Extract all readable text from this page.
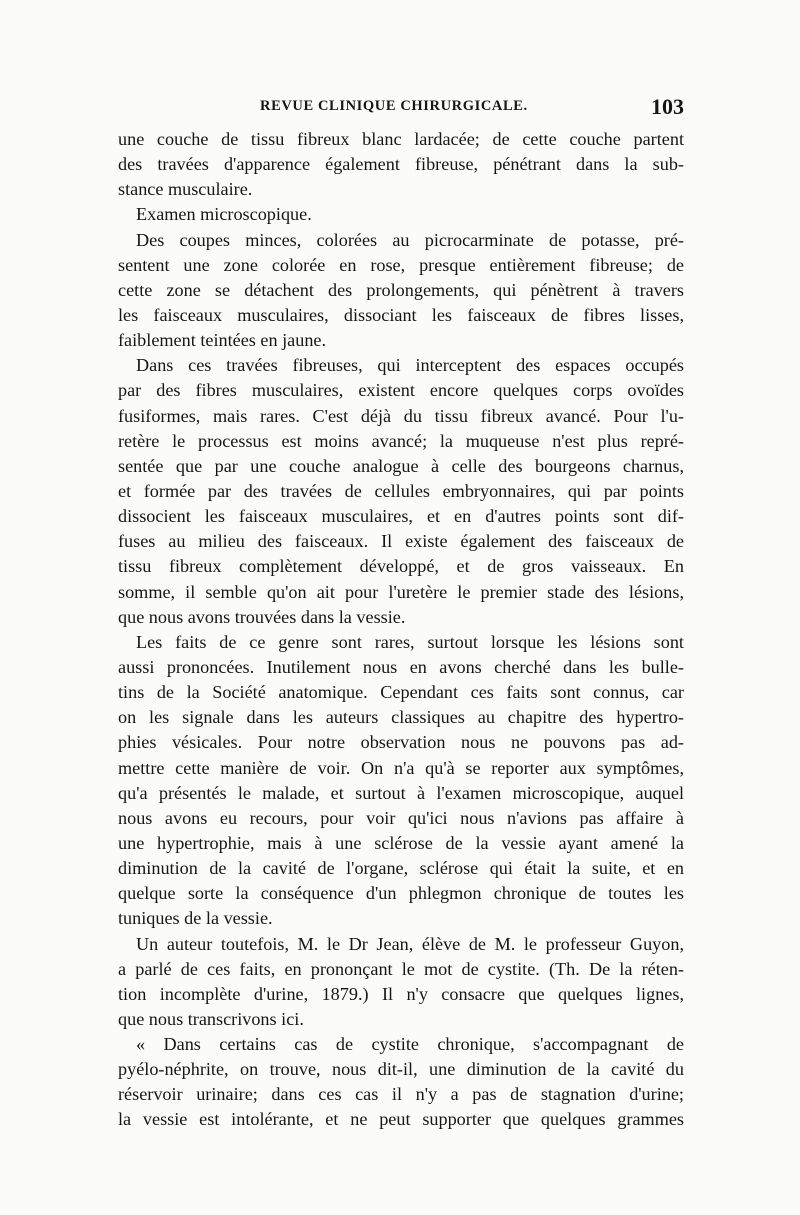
REVUE CLINIQUE CHIRURGICALE.	103
une couche de tissu fibreux blanc lardacée; de cette couche partent
des travées d'apparence également fibreuse, pénétrant dans la sub-
stance musculaire.
Examen microscopique.
Des coupes minces, colorées au picrocarminate de potasse, pré-
sentent une zone colorée en rose, presque entièrement fibreuse; de
cette zone se détachent des prolongements, qui pénètrent à travers
les faisceaux musculaires, dissociant les faisceaux de fibres lisses,
faiblement teintées en jaune.
Dans ces travées fibreuses, qui interceptent des espaces occupés
par des fibres musculaires, existent encore quelques corps ovoïdes
fusiformes, mais rares. C'est déjà du tissu fibreux avancé. Pour l'u-
retère le processus est moins avancé; la muqueuse n'est plus repré-
sentée que par une couche analogue à celle des bourgeons charnus,
et formée par des travées de cellules embryonnaires, qui par points
dissocient les faisceaux musculaires, et en d'autres points sont dif-
fuses au milieu des faisceaux. Il existe également des faisceaux de
tissu fibreux complètement développé, et de gros vaisseaux. En
somme, il semble qu'on ait pour l'uretère le premier stade des lésions,
que nous avons trouvées dans la vessie.
Les faits de ce genre sont rares, surtout lorsque les lésions sont
aussi prononcées. Inutilement nous en avons cherché dans les bulle-
tins de la Société anatomique. Cependant ces faits sont connus, car
on les signale dans les auteurs classiques au chapitre des hypertro-
phies vésicales. Pour notre observation nous ne pouvons pas ad-
mettre cette manière de voir. On n'a qu'à se reporter aux symptômes,
qu'a présentés le malade, et surtout à l'examen microscopique, auquel
nous avons eu recours, pour voir qu'ici nous n'avions pas affaire à
une hypertrophie, mais à une sclérose de la vessie ayant amené la
diminution de la cavité de l'organe, sclérose qui était la suite, et en
quelque sorte la conséquence d'un phlegmon chronique de toutes les
tuniques de la vessie.
Un auteur toutefois, M. le Dr Jean, élève de M. le professeur Guyon,
a parlé de ces faits, en prononçant le mot de cystite. (Th. De la réten-
tion incomplète d'urine, 1879.) Il n'y consacre que quelques lignes,
que nous transcrivons ici.
« Dans certains cas de cystite chronique, s'accompagnant de
pyélo-néphrite, on trouve, nous dit-il, une diminution de la cavité du
réservoir urinaire; dans ces cas il n'y a pas de stagnation d'urine;
la vessie est intolérante, et ne peut supporter que quelques grammes
